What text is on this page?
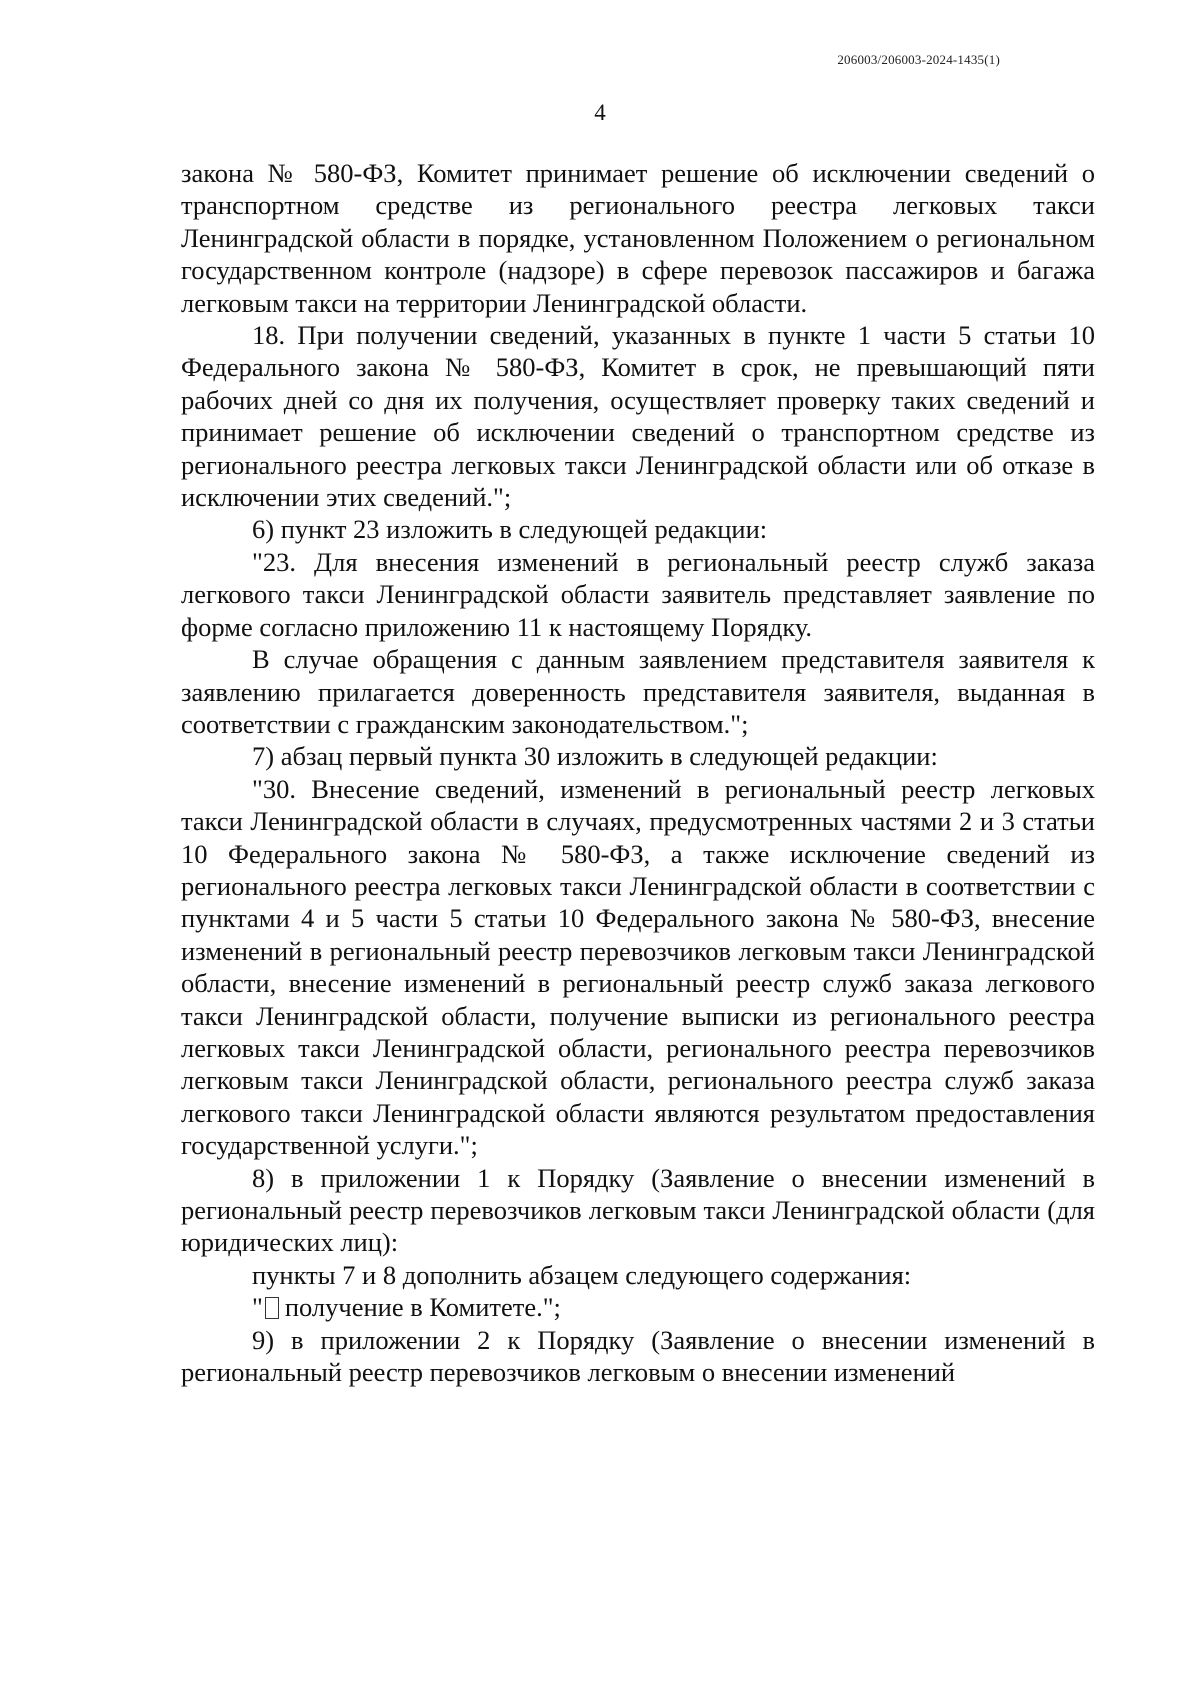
206003/206003-2024-1435(1)
4

закона № 580-ФЗ, Комитет принимает решение об исключении сведений о транспортном средстве из регионального реестра легковых такси Ленинградской области в порядке, установленном Положением о региональном государственном контроле (надзоре) в сфере перевозок пассажиров и багажа легковым такси на территории Ленинградской области.

18. При получении сведений, указанных в пункте 1 части 5 статьи 10 Федерального закона № 580-ФЗ, Комитет в срок, не превышающий пяти рабочих дней со дня их получения, осуществляет проверку таких сведений и принимает решение об исключении сведений о транспортном средстве из регионального реестра легковых такси Ленинградской области или об отказе в исключении этих сведений.";

6) пункт 23 изложить в следующей редакции:

"23. Для внесения изменений в региональный реестр служб заказа легкового такси Ленинградской области заявитель представляет заявление по форме согласно приложению 11 к настоящему Порядку.

В случае обращения с данным заявлением представителя заявителя к заявлению прилагается доверенность представителя заявителя, выданная в соответствии с гражданским законодательством.";

7) абзац первый пункта 30 изложить в следующей редакции:

"30. Внесение сведений, изменений в региональный реестр легковых такси Ленинградской области в случаях, предусмотренных частями 2 и 3 статьи 10 Федерального закона № 580-ФЗ, а также исключение сведений из регионального реестра легковых такси Ленинградской области в соответствии с пунктами 4 и 5 части 5 статьи 10 Федерального закона № 580-ФЗ, внесение изменений в региональный реестр перевозчиков легковым такси Ленинградской области, внесение изменений в региональный реестр служб заказа легкового такси Ленинградской области, получение выписки из регионального реестра легковых такси Ленинградской области, регионального реестра перевозчиков легковым такси Ленинградской области, регионального реестра служб заказа легкового такси Ленинградской области являются результатом предоставления государственной услуги.";

8) в приложении 1 к Порядку (Заявление о внесении изменений в региональный реестр перевозчиков легковым такси Ленинградской области (для юридических лиц):

пункты 7 и 8 дополнить абзацем следующего содержания:

" получение в Комитете.";

9) в приложении 2 к Порядку (Заявление о внесении изменений в региональный реестр перевозчиков легковым о внесении изменений
